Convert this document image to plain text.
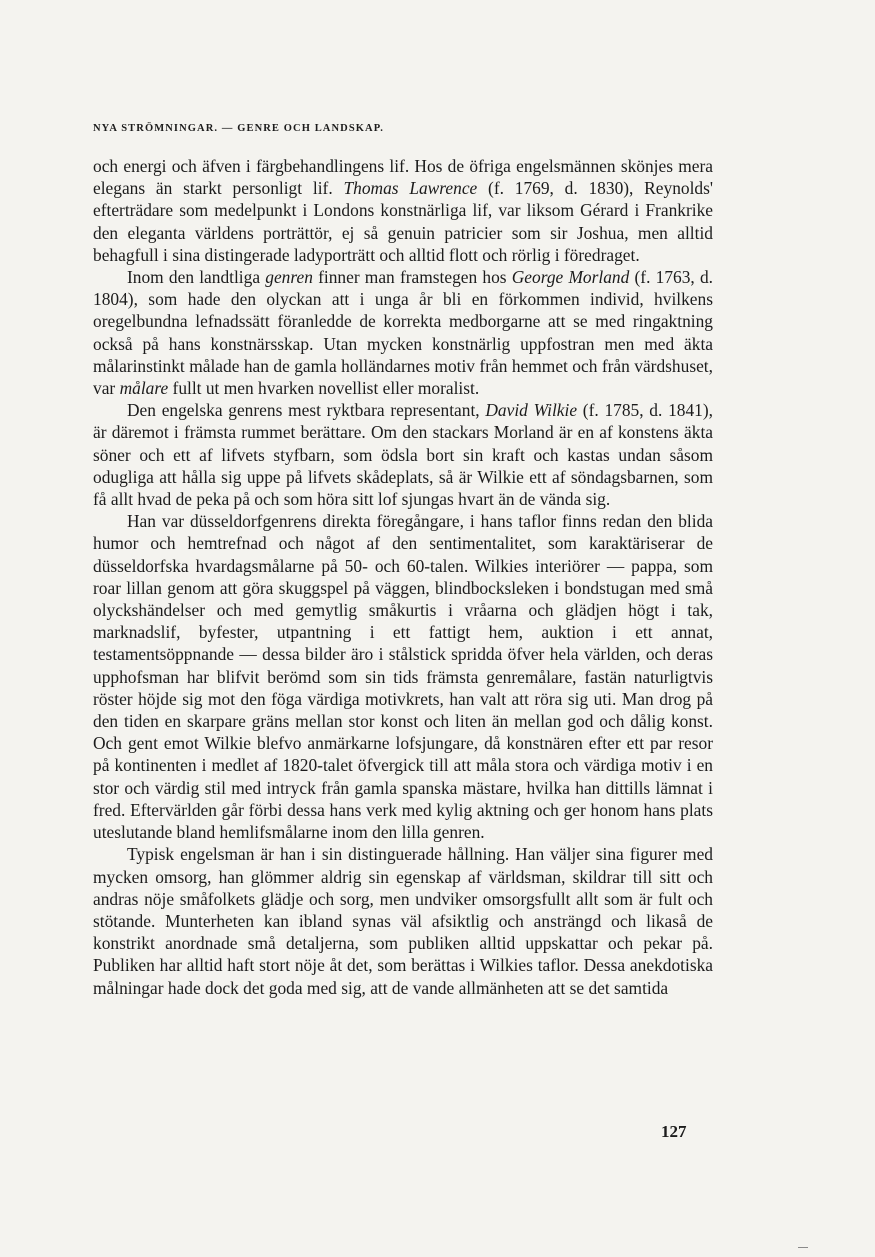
NYA STRÖMNINGAR. — GENRE OCH LANDSKAP.

och energi och äfven i färgbehandlingens lif. Hos de öfriga engelsmännen skönjes mera elegans än starkt personligt lif. Thomas Lawrence (f. 1769, d. 1830), Reynolds' efterträdare som medelpunkt i Londons konstnärliga lif, var liksom Gérard i Frankrike den eleganta världens porträttör, ej så genuin patricier som sir Joshua, men alltid behagfull i sina distingerade ladyporträtt och alltid flott och rörlig i föredraget.

Inom den landtliga genren finner man framstegen hos George Morland (f. 1763, d. 1804), som hade den olyckan att i unga år bli en förkommen individ, hvilkens oregelbundna lefnadssätt föranledde de korrekta medborgarne att se med ringaktning också på hans konstnärsskap. Utan mycken konstnärlig uppfostran men med äkta målarinstinkt målade han de gamla holländarnes motiv från hemmet och från värdshuset, var målare fullt ut men hvarken novellist eller moralist.

Den engelska genrens mest ryktbara representant, David Wilkie (f. 1785, d. 1841), är däremot i främsta rummet berättare. Om den stackars Morland är en af konstens äkta söner och ett af lifvets styfbarn, som ödsla bort sin kraft och kastas undan såsom odugliga att hålla sig uppe på lifvets skådeplats, så är Wilkie ett af söndagsbarnen, som få allt hvad de peka på och som höra sitt lof sjungas hvart än de vända sig.

Han var düsseldorfgenrens direkta föregångare, i hans taflor finns redan den blida humor och hemtrefnad och något af den sentimentalitet, som karaktäriserar de düsseldorfska hvardagsmålarne på 50- och 60-talen. Wilkies interiörer — pappa, som roar lillan genom att göra skuggspel på väggen, blindbocksleken i bondstugan med små olyckshändelser och med gemytlig småkurtis i vråarna och glädjen högt i tak, marknadslif, byfester, utpantning i ett fattigt hem, auktion i ett annat, testamentsöppnande — dessa bilder äro i stålstick spridda öfver hela världen, och deras upphofsman har blifvit berömd som sin tids främsta genremålare, fastän naturligtvis röster höjde sig mot den föga värdiga motivkrets, han valt att röra sig uti. Man drog på den tiden en skarpare gräns mellan stor konst och liten än mellan god och dålig konst. Och gent emot Wilkie blefvo anmärkarne lofsjungare, då konstnären efter ett par resor på kontinenten i medlet af 1820-talet öfvergick till att måla stora och värdiga motiv i en stor och värdig stil med intryck från gamla spanska mästare, hvilka han dittills lämnat i fred. Eftervärlden går förbi dessa hans verk med kylig aktning och ger honom hans plats uteslutande bland hemlifsmålarne inom den lilla genren.

Typisk engelsman är han i sin distinguerade hållning. Han väljer sina figurer med mycken omsorg, han glömmer aldrig sin egenskap af världsman, skildrar till sitt och andras nöje småfolkets glädje och sorg, men undviker omsorgsfullt allt som är fult och stötande. Munterheten kan ibland synas väl afsiktlig och ansträngd och likaså de konstrikt anordnade små detaljerna, som publiken alltid uppskattar och pekar på. Publiken har alltid haft stort nöje åt det, som berättas i Wilkies taflor. Dessa anekdotiska målningar hade dock det goda med sig, att de vande allmänheten att se det samtida

127
